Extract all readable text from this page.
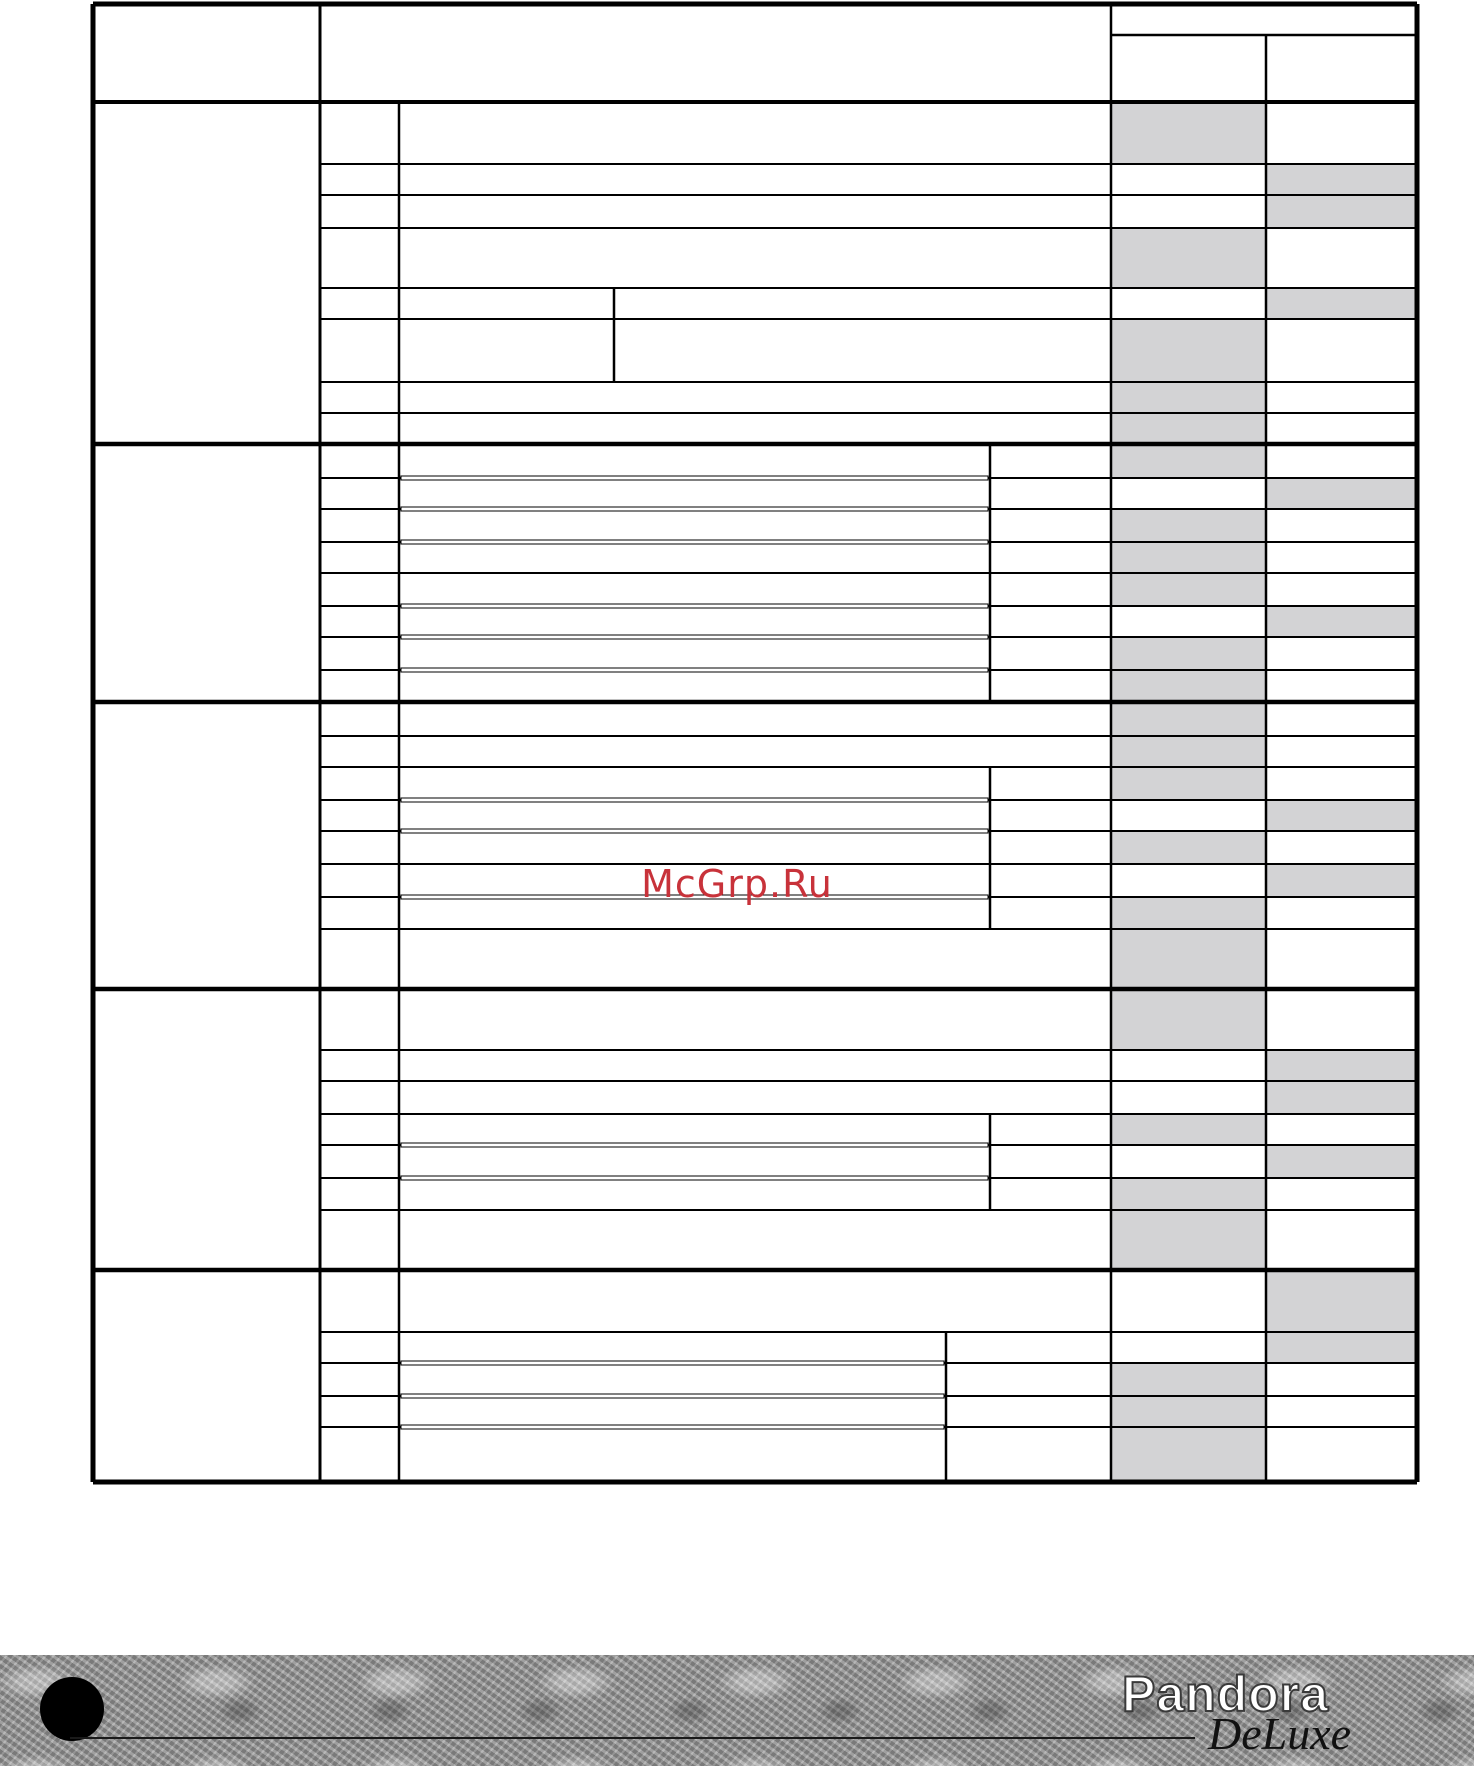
McGrp.Ru
Pandora
DeLuxe
